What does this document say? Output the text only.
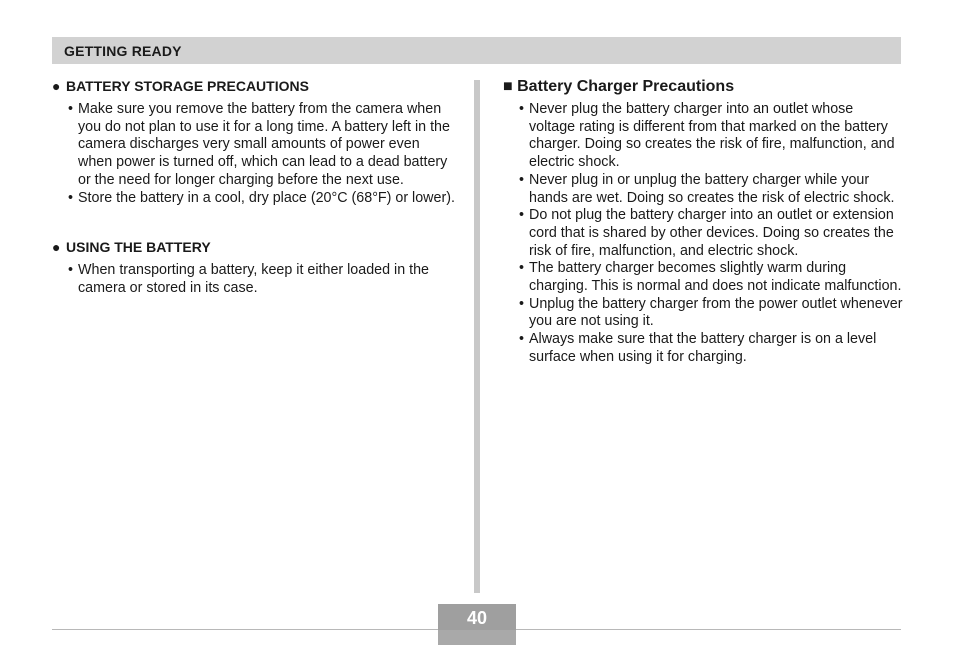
GETTING READY
● BATTERY STORAGE PRECAUTIONS
• Make sure you remove the battery from the camera when you do not plan to use it for a long time. A battery left in the camera discharges very small amounts of power even when power is turned off, which can lead to a dead battery or the need for longer charging before the next use.
• Store the battery in a cool, dry place (20°C (68°F) or lower).
● USING THE BATTERY
• When transporting a battery, keep it either loaded in the camera or stored in its case.
■ Battery Charger Precautions
• Never plug the battery charger into an outlet whose voltage rating is different from that marked on the battery charger. Doing so creates the risk of fire, malfunction, and electric shock.
• Never plug in or unplug the battery charger while your hands are wet. Doing so creates the risk of electric shock.
• Do not plug the battery charger into an outlet or extension cord that is shared by other devices. Doing so creates the risk of fire, malfunction, and electric shock.
• The battery charger becomes slightly warm during charging. This is normal and does not indicate malfunction.
• Unplug the battery charger from the power outlet whenever you are not using it.
• Always make sure that the battery charger is on a level surface when using it for charging.
40
